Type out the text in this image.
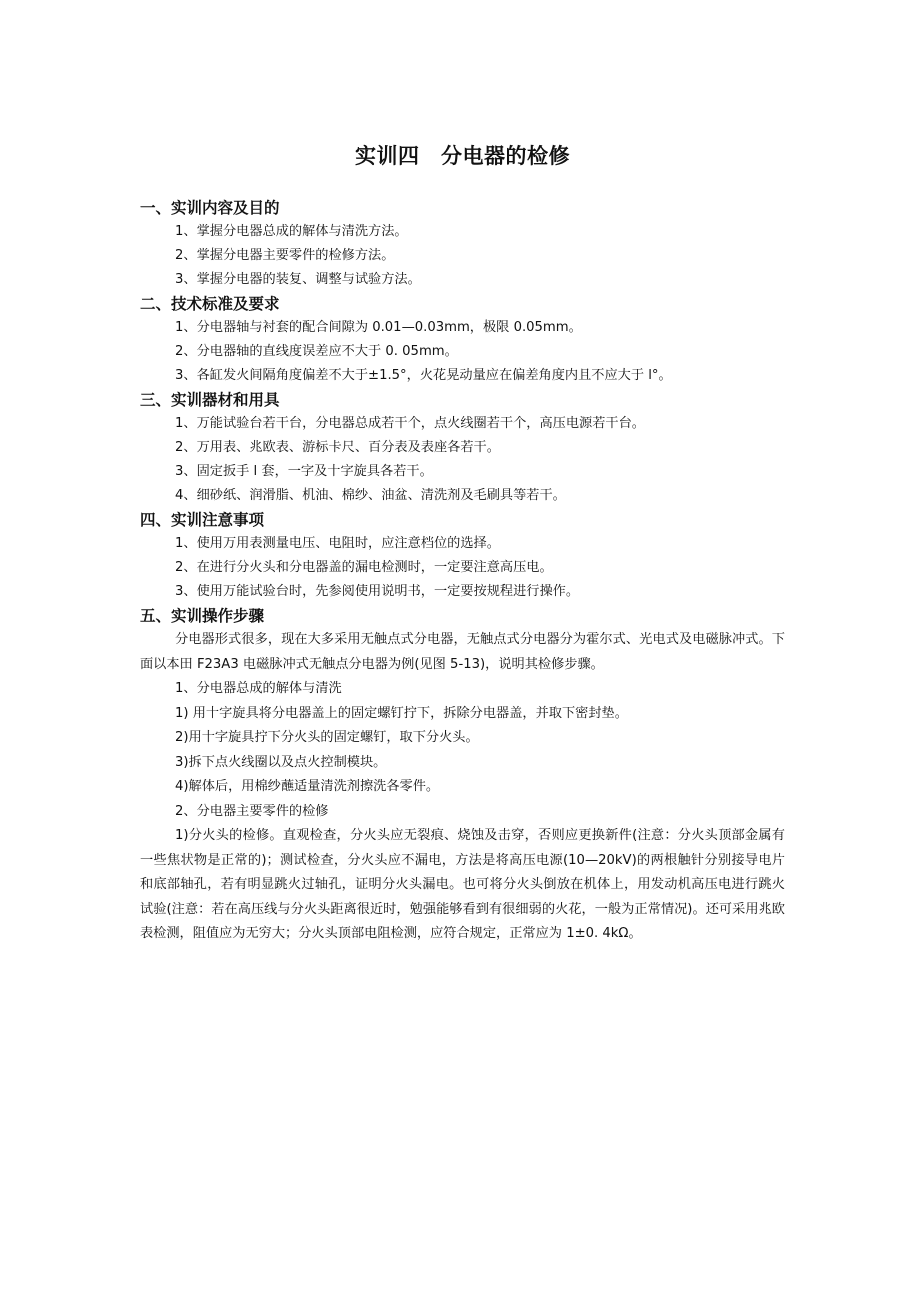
实训四　分电器的检修

一、实训内容及目的

1、掌握分电器总成的解体与清洗方法。

2、掌握分电器主要零件的检修方法。

3、掌握分电器的装复、调整与试验方法。

二、技术标准及要求

1、分电器轴与衬套的配合间隙为 0.01—0.03mm，极限 0.05mm。

2、分电器轴的直线度误差应不大于 0. 05mm。

3、各缸发火间隔角度偏差不大于±1.5°，火花晃动量应在偏差角度内且不应大于 l°。

三、实训器材和用具

1、万能试验台若干台，分电器总成若干个，点火线圈若干个，高压电源若干台。

2、万用表、兆欧表、游标卡尺、百分表及表座各若干。

3、固定扳手 l 套，一字及十字旋具各若干。

4、细砂纸、润滑脂、机油、棉纱、油盆、清洗剂及毛刷具等若干。

四、实训注意事项

1、使用万用表测量电压、电阻时，应注意档位的选择。

2、在进行分火头和分电器盖的漏电检测时，一定要注意高压电。

3、使用万能试验台时，先参阅使用说明书，一定要按规程进行操作。

五、实训操作步骤

分电器形式很多，现在大多采用无触点式分电器，无触点式分电器分为霍尔式、光电式及电磁脉冲式。下面以本田 F23A3 电磁脉冲式无触点分电器为例(见图 5-13)，说明其检修步骤。

1、分电器总成的解体与清洗

1) 用十字旋具将分电器盖上的固定螺钉拧下，拆除分电器盖，并取下密封垫。

2)用十字旋具拧下分火头的固定螺钉，取下分火头。

3)拆下点火线圈以及点火控制模块。

4)解体后，用棉纱蘸适量清洗剂擦洗各零件。

2、分电器主要零件的检修

1)分火头的检修。直观检查，分火头应无裂痕、烧蚀及击穿，否则应更换新件(注意：分火头顶部金属有一些焦状物是正常的)；测试检查，分火头应不漏电，方法是将高压电源(10—20kV)的两根触针分别接导电片和底部轴孔，若有明显跳火过轴孔，证明分火头漏电。也可将分火头倒放在机体上，用发动机高压电进行跳火试验(注意：若在高压线与分火头距离很近时，勉强能够看到有很细弱的火花，一般为正常情况)。还可采用兆欧表检测，阻值应为无穷大；分火头顶部电阻检测，应符合规定，正常应为 1±0. 4kΩ。
